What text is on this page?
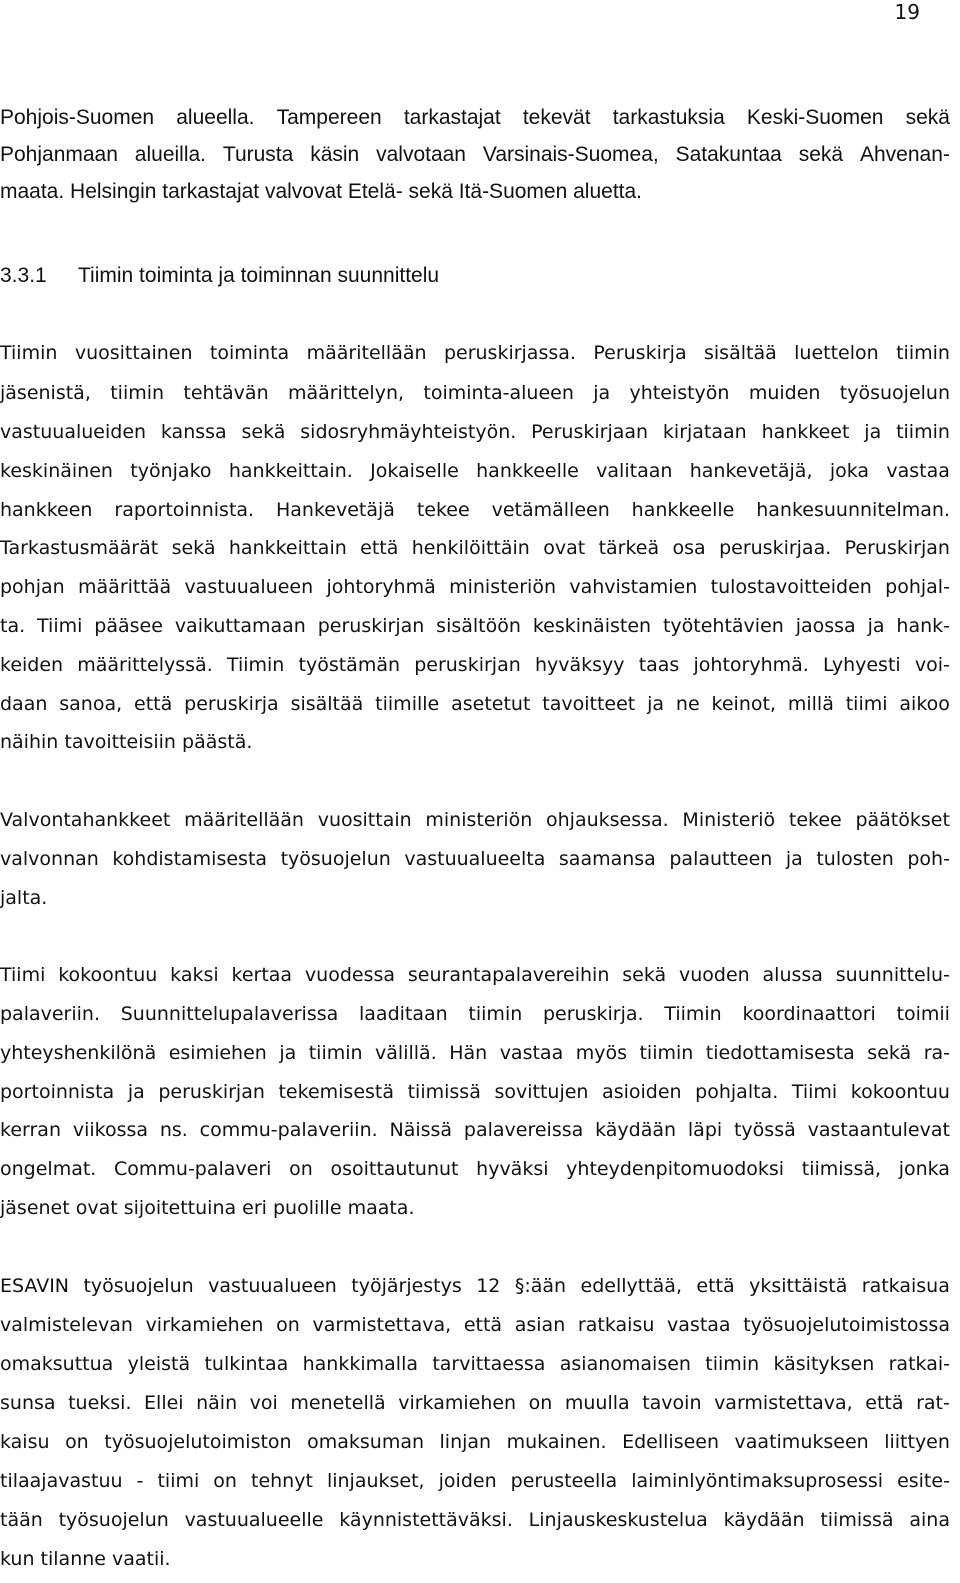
19
Pohjois-Suomen alueella. Tampereen tarkastajat tekevät tarkastuksia Keski-Suomen sekä
Pohjanmaan alueilla. Turusta käsin valvotaan Varsinais-Suomea, Satakuntaa sekä Ahvenan-
maata. Helsingin tarkastajat valvovat Etelä- sekä Itä-Suomen aluetta.
3.3.1 Tiimin toiminta ja toiminnan suunnittelu
Tiimin vuosittainen toiminta määritellään peruskirjassa. Peruskirja sisältää luettelon tiimin
jäsenistä, tiimin tehtävän määrittelyn, toiminta-alueen ja yhteistyön muiden työsuojelun
vastuualueiden kanssa sekä sidosryhmäyhteistyön. Peruskirjaan kirjataan hankkeet ja tiimin
keskinäinen työnjako hankkeittain. Jokaiselle hankkeelle valitaan hankevetäjä, joka vastaa
hankkeen raportoinnista. Hankevetäjä tekee vetämälleen hankkeelle hankesuunnitelman.
Tarkastusmäärät sekä hankkeittain että henkilöittäin ovat tärkeä osa peruskirjaa. Peruskirjan
pohjan määrittää vastuualueen johtoryhmä ministeriön vahvistamien tulostavoitteiden pohjal-
ta. Tiimi pääsee vaikuttamaan peruskirjan sisältöön keskinäisten työtehtävien jaossa ja hank-
keiden määrittelyssä. Tiimin työstämän peruskirjan hyväksyy taas johtoryhmä. Lyhyesti voi-
daan sanoa, että peruskirja sisältää tiimille asetetut tavoitteet ja ne keinot, millä tiimi aikoo
näihin tavoitteisiin päästä.
Valvontahankkeet määritellään vuosittain ministeriön ohjauksessa. Ministeriö tekee päätökset
valvonnan kohdistamisesta työsuojelun vastuualueelta saamansa palautteen ja tulosten poh-
jalta.
Tiimi kokoontuu kaksi kertaa vuodessa seurantapalavereihin sekä vuoden alussa suunnittelu-
palaveriin. Suunnittelupalaverissa laaditaan tiimin peruskirja. Tiimin koordinaattori toimii
yhteyshenkilönä esimiehen ja tiimin välillä. Hän vastaa myös tiimin tiedottamisesta sekä ra-
portoinnista ja peruskirjan tekemisestä tiimissä sovittujen asioiden pohjalta. Tiimi kokoontuu
kerran viikossa ns. commu-palaveriin. Näissä palavereissa käydään läpi työssä vastaantulevat
ongelmat. Commu-palaveri on osoittautunut hyväksi yhteydenpitomuodoksi tiimissä, jonka
jäsenet ovat sijoitettuina eri puolille maata.
ESAVIN työsuojelun vastuualueen työjärjestys 12 §:ään edellyttää, että yksittäistä ratkaisua
valmistelevan virkamiehen on varmistettava, että asian ratkaisu vastaa työsuojelutoimistossa
omaksuttua yleistä tulkintaa hankkimalla tarvittaessa asianomaisen tiimin käsityksen ratkai-
sunsa tueksi. Ellei näin voi menetellä virkamiehen on muulla tavoin varmistettava, että rat-
kaisu on työsuojelutoimiston omaksuman linjan mukainen. Edelliseen vaatimukseen liittyen
tilaajavastuu - tiimi on tehnyt linjaukset, joiden perusteella laiminlyöntimaksuprosessi esite-
tään työsuojelun vastuualueelle käynnistettäväksi. Linjauskeskustelua käydään tiimissä aina
kun tilanne vaatii.
